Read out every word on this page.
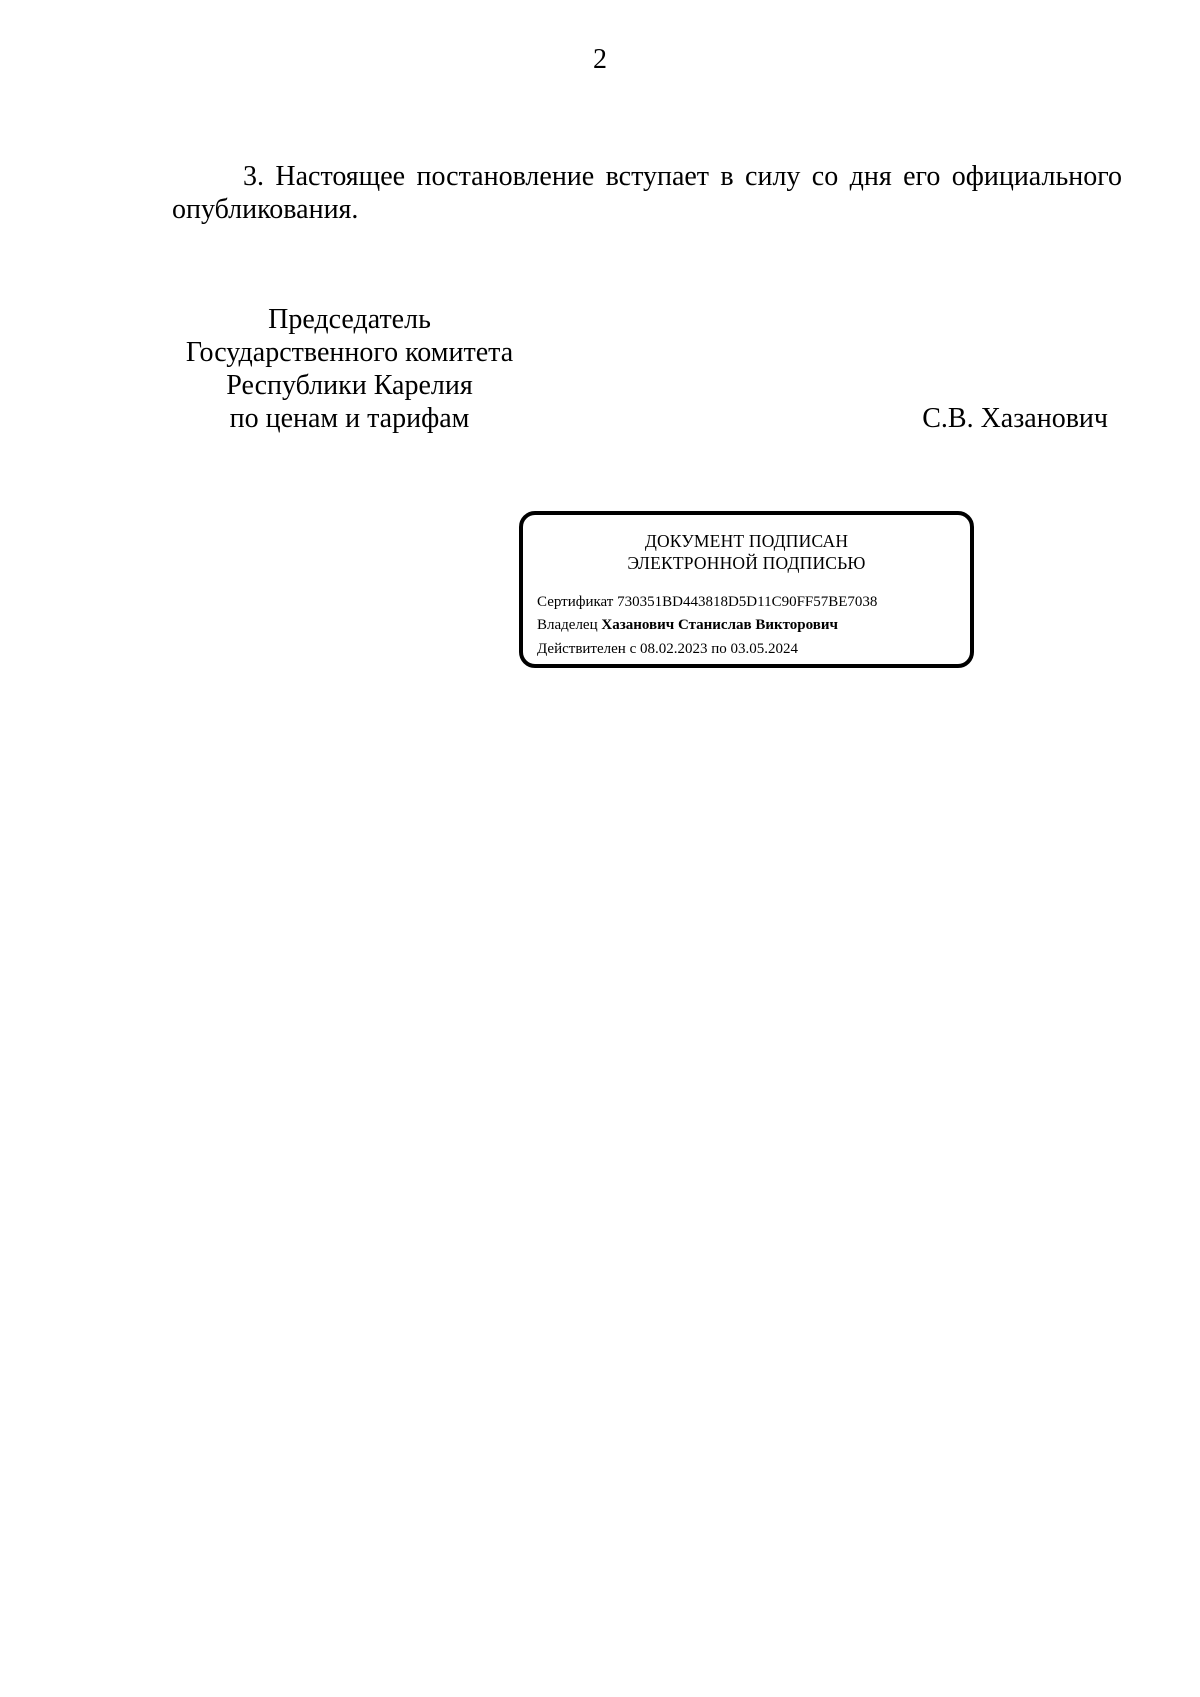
2
3. Настоящее постановление вступает в силу со дня его официального опубликования.
Председатель
Государственного комитета
Республики Карелия
по ценам и тарифам	С.В. Хазанович
ДОКУМЕНТ ПОДПИСАН
ЭЛЕКТРОННОЙ ПОДПИСЬЮ
Сертификат 730351BD443818D5D11C90FF57BE7038
Владелец Хазанович Станислав Викторович
Действителен с 08.02.2023 по 03.05.2024
